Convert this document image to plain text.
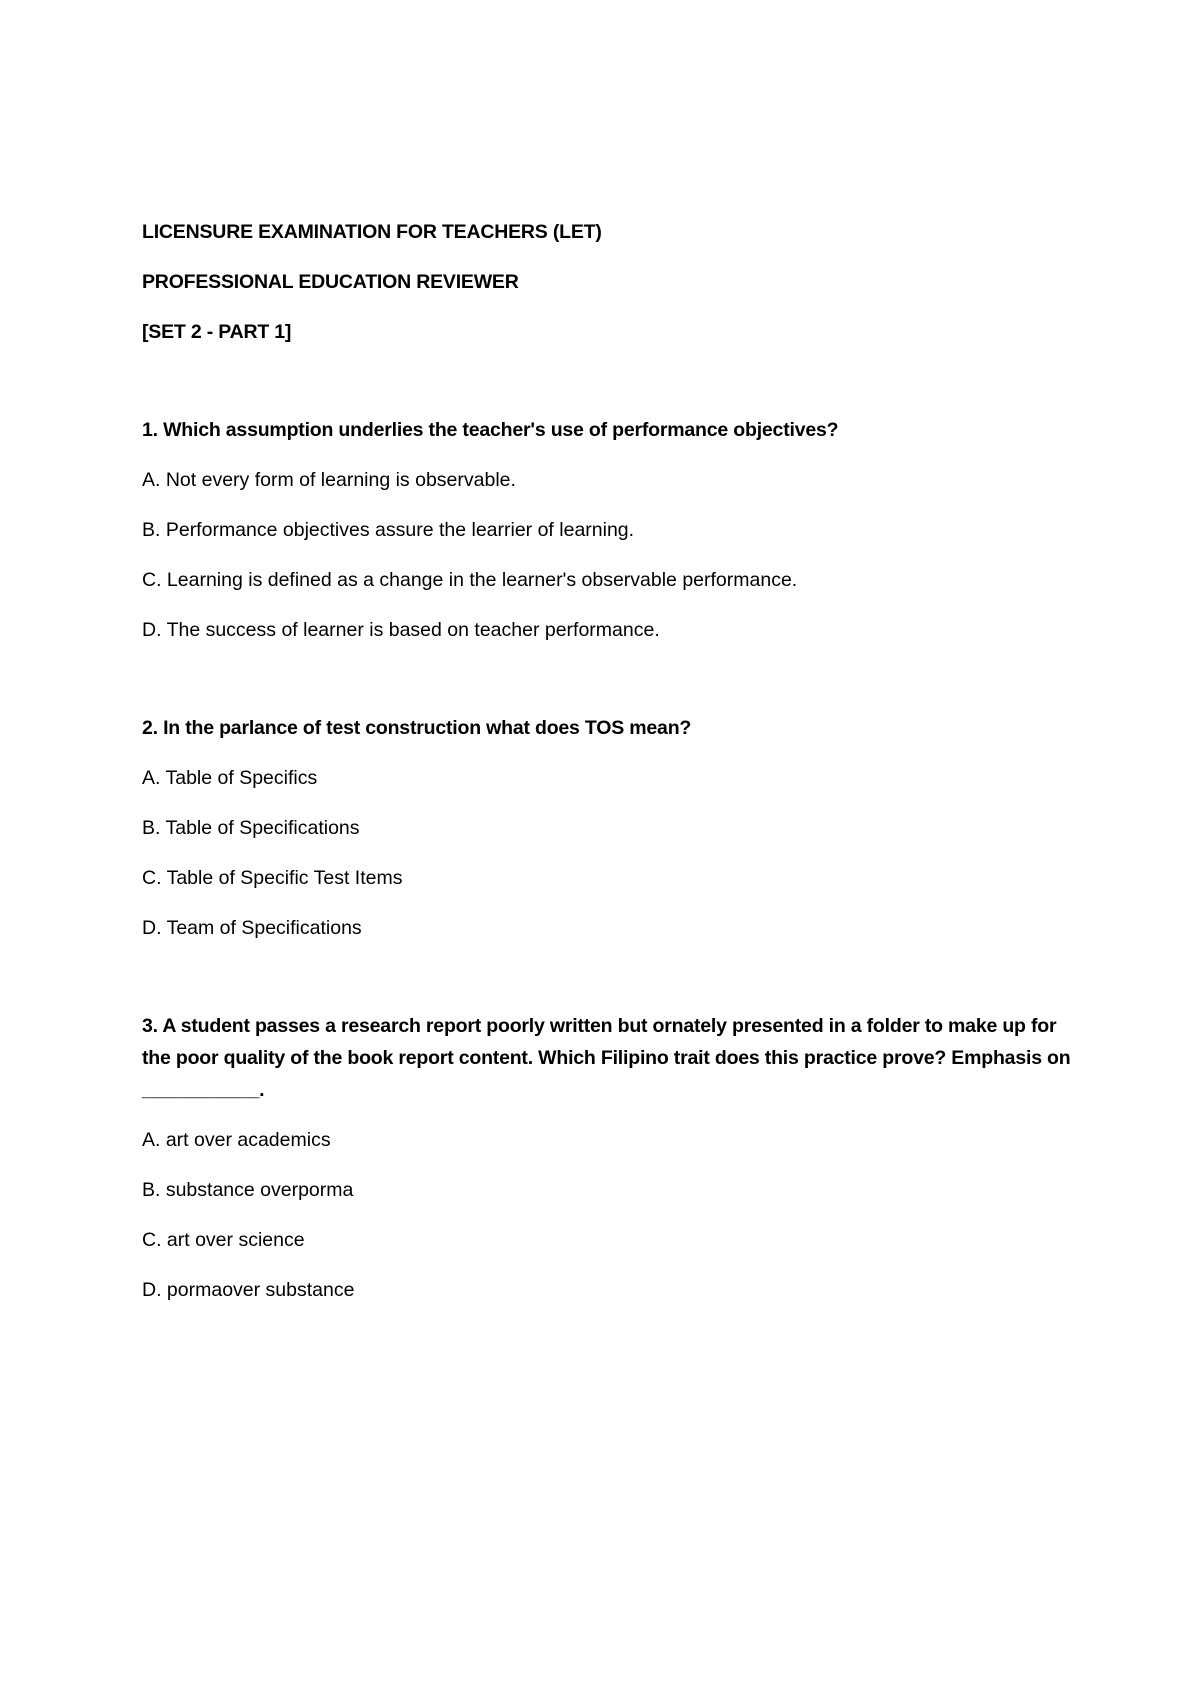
LICENSURE EXAMINATION FOR TEACHERS (LET)

PROFESSIONAL EDUCATION REVIEWER

[SET 2 - PART 1]

1. Which assumption underlies the teacher's use of performance objectives?

A. Not every form of learning is observable.

B. Performance objectives assure the learrier of learning.

C. Learning is defined as a change in the learner's observable performance.

D. The success of learner is based on teacher performance.

2. In the parlance of test construction what does TOS mean?

A. Table of Specifics

B. Table of Specifications

C. Table of Specific Test Items

D. Team of Specifications

3. A student passes a research report poorly written but ornately presented in a folder to make up for the poor quality of the book report content. Which Filipino trait does this practice prove? Emphasis on ___________.

A. art over academics

B. substance overporma

C. art over science

D. pormaover substance
